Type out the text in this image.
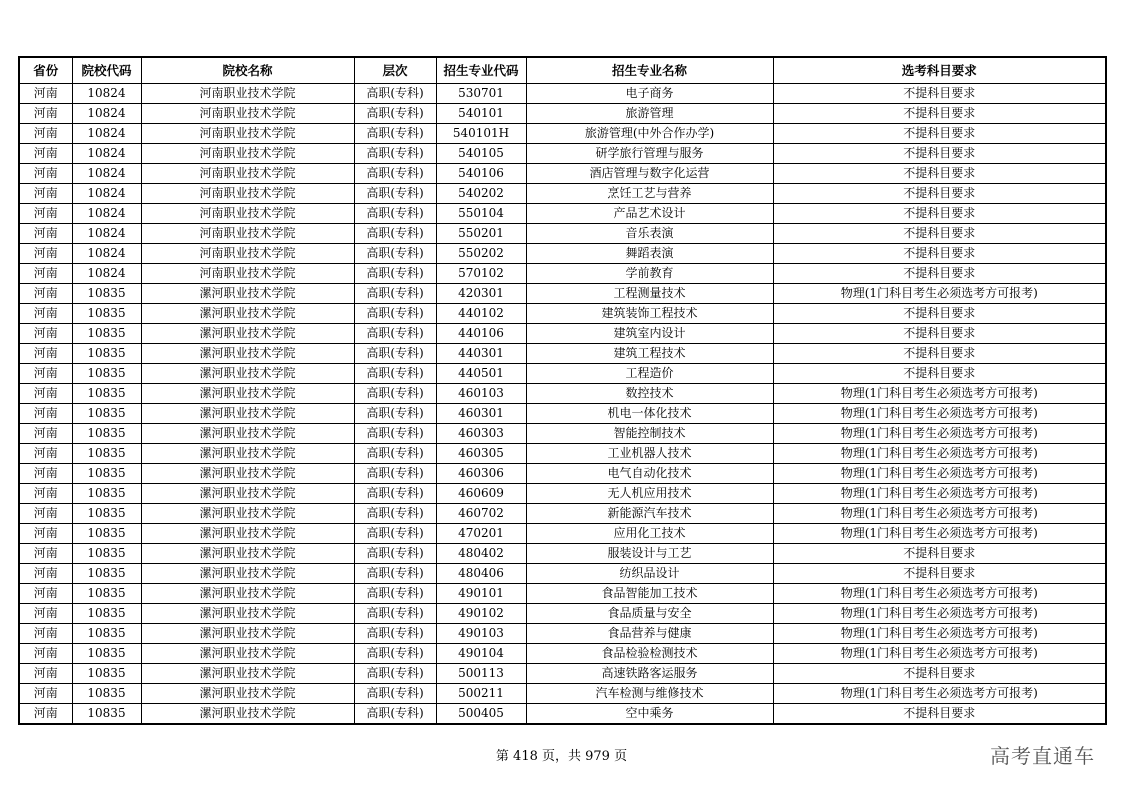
省份	院校代码	院校名称	层次	招生专业代码	招生专业名称	选考科目要求
河南	10824	河南职业技术学院	高职(专科)	530701	电子商务	不提科目要求
河南	10824	河南职业技术学院	高职(专科)	540101	旅游管理	不提科目要求
河南	10824	河南职业技术学院	高职(专科)	540101H	旅游管理(中外合作办学)	不提科目要求
河南	10824	河南职业技术学院	高职(专科)	540105	研学旅行管理与服务	不提科目要求
河南	10824	河南职业技术学院	高职(专科)	540106	酒店管理与数字化运营	不提科目要求
河南	10824	河南职业技术学院	高职(专科)	540202	烹饪工艺与营养	不提科目要求
河南	10824	河南职业技术学院	高职(专科)	550104	产品艺术设计	不提科目要求
河南	10824	河南职业技术学院	高职(专科)	550201	音乐表演	不提科目要求
河南	10824	河南职业技术学院	高职(专科)	550202	舞蹈表演	不提科目要求
河南	10824	河南职业技术学院	高职(专科)	570102	学前教育	不提科目要求
河南	10835	漯河职业技术学院	高职(专科)	420301	工程测量技术	物理(1门科目考生必须选考方可报考)
河南	10835	漯河职业技术学院	高职(专科)	440102	建筑装饰工程技术	不提科目要求
河南	10835	漯河职业技术学院	高职(专科)	440106	建筑室内设计	不提科目要求
河南	10835	漯河职业技术学院	高职(专科)	440301	建筑工程技术	不提科目要求
河南	10835	漯河职业技术学院	高职(专科)	440501	工程造价	不提科目要求
河南	10835	漯河职业技术学院	高职(专科)	460103	数控技术	物理(1门科目考生必须选考方可报考)
河南	10835	漯河职业技术学院	高职(专科)	460301	机电一体化技术	物理(1门科目考生必须选考方可报考)
河南	10835	漯河职业技术学院	高职(专科)	460303	智能控制技术	物理(1门科目考生必须选考方可报考)
河南	10835	漯河职业技术学院	高职(专科)	460305	工业机器人技术	物理(1门科目考生必须选考方可报考)
河南	10835	漯河职业技术学院	高职(专科)	460306	电气自动化技术	物理(1门科目考生必须选考方可报考)
河南	10835	漯河职业技术学院	高职(专科)	460609	无人机应用技术	物理(1门科目考生必须选考方可报考)
河南	10835	漯河职业技术学院	高职(专科)	460702	新能源汽车技术	物理(1门科目考生必须选考方可报考)
河南	10835	漯河职业技术学院	高职(专科)	470201	应用化工技术	物理(1门科目考生必须选考方可报考)
河南	10835	漯河职业技术学院	高职(专科)	480402	服装设计与工艺	不提科目要求
河南	10835	漯河职业技术学院	高职(专科)	480406	纺织品设计	不提科目要求
河南	10835	漯河职业技术学院	高职(专科)	490101	食品智能加工技术	物理(1门科目考生必须选考方可报考)
河南	10835	漯河职业技术学院	高职(专科)	490102	食品质量与安全	物理(1门科目考生必须选考方可报考)
河南	10835	漯河职业技术学院	高职(专科)	490103	食品营养与健康	物理(1门科目考生必须选考方可报考)
河南	10835	漯河职业技术学院	高职(专科)	490104	食品检验检测技术	物理(1门科目考生必须选考方可报考)
河南	10835	漯河职业技术学院	高职(专科)	500113	高速铁路客运服务	不提科目要求
河南	10835	漯河职业技术学院	高职(专科)	500211	汽车检测与维修技术	物理(1门科目考生必须选考方可报考)
河南	10835	漯河职业技术学院	高职(专科)	500405	空中乘务	不提科目要求
第 418 页，共 979 页	高考直通车
